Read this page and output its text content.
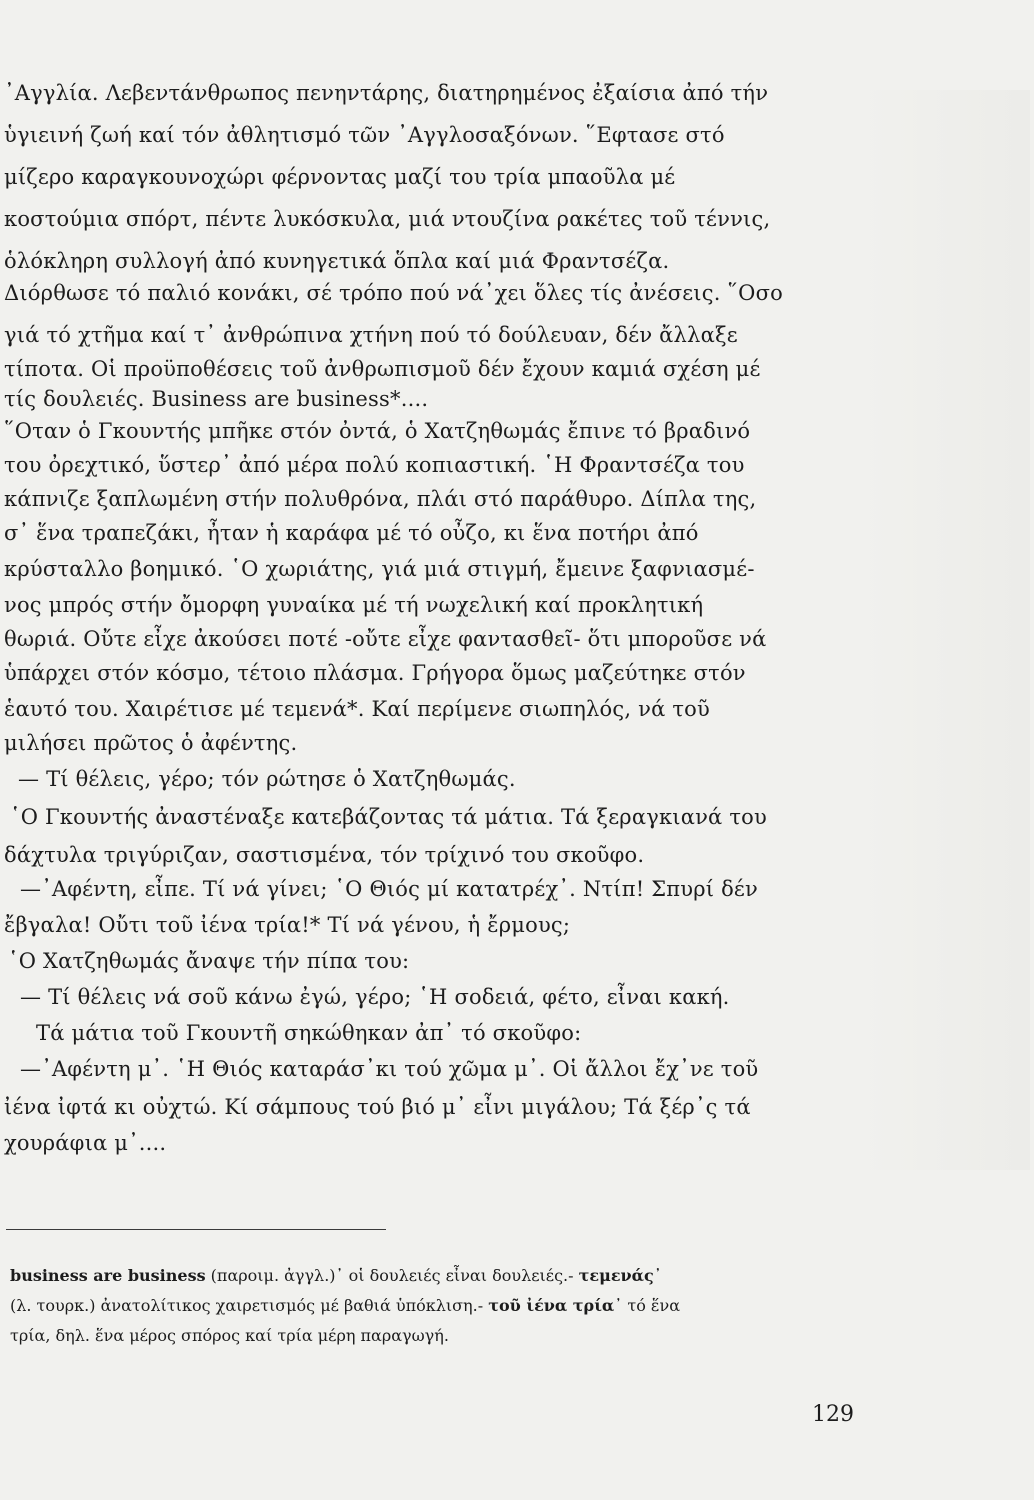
᾿Αγγλία. Λεβεντάνθρωπος πενηντάρης, διατηρημένος ἐξαίσια ἀπό τήν
ὑγιεινή ζωή καί τόν ἀθλητισμό τῶν ᾿Αγγλοσαξόνων. ῞Εφτασε στό
μίζερο καραγκουνοχώρι φέρνοντας μαζί του τρία μπαοῦλα μέ
κοστούμια σπόρτ, πέντε λυκόσκυλα, μιά ντουζίνα ρακέτες τοῦ τέννις,
ὁλόκληρη συλλογή ἀπό κυνηγετικά ὅπλα καί μιά Φραντσέζα.
Διόρθωσε τό παλιό κονάκι, σέ τρόπο πού νά᾿χει ὅλες τίς ἀνέσεις. ῞Οσο
γιά τό χτῆμα καί τ᾿ ἀνθρώπινα χτήνη πού τό δούλευαν, δέν ἄλλαξε
τίποτα. Οἱ προϋποθέσεις τοῦ ἀνθρωπισμοῦ δέν ἔχουν καμιά σχέση μέ
τίς δουλειές. Business are business*....
῞Οταν ὁ Γκουντής μπῆκε στόν ὀντά, ὁ Χατζηθωμάς ἔπινε τό βραδινό
του ὀρεχτικό, ὕστερ᾿ ἀπό μέρα πολύ κοπιαστική. ῾Η Φραντσέζα του
κάπνιζε ξαπλωμένη στήν πολυθρόνα, πλάι στό παράθυρο. Δίπλα της,
σ᾿ ἕνα τραπεζάκι, ἦταν ἡ καράφα μέ τό οὖζο, κι ἕνα ποτήρι ἀπό
κρύσταλλο βοημικό. ῾Ο χωριάτης, γιά μιά στιγμή, ἔμεινε ξαφνιασμέ-
νος μπρός στήν ὄμορφη γυναίκα μέ τή νωχελική καί προκλητική
θωριά. Οὔτε εἶχε ἀκούσει ποτέ -οὔτε εἶχε φαντασθεῖ- ὅτι μποροῦσε νά
ὑπάρχει στόν κόσμο, τέτοιο πλάσμα. Γρήγορα ὅμως μαζεύτηκε στόν
ἑαυτό του. Χαιρέτισε μέ τεμενά*. Καί περίμενε σιωπηλός, νά τοῦ
μιλήσει πρῶτος ὁ ἀφέντης.
— Τί θέλεις, γέρο; τόν ρώτησε ὁ Χατζηθωμάς.
῾Ο Γκουντής ἀναστέναξε κατεβάζοντας τά μάτια. Τά ξεραγκιανά του
δάχτυλα τριγύριζαν, σαστισμένα, τόν τρίχινό του σκοῦφο.
—᾿Αφέντη, εἶπε. Τί νά γίνει; ῾Ο Θιός μί κατατρέχ᾿. Ντίπ! Σπυρί δέν
ἔβγαλα! Οὔτι τοῦ ἰένα τρία!* Τί νά γένου, ἡ ἔρμους;
῾Ο Χατζηθωμάς ἄναψε τήν πίπα του:
— Τί θέλεις νά σοῦ κάνω ἐγώ, γέρο; ῾Η σοδειά, φέτο, εἶναι κακή.
Τά μάτια τοῦ Γκουντῆ σηκώθηκαν ἀπ᾿ τό σκοῦφο:
—᾿Αφέντη μ᾿. ῾Η Θιός καταράσ᾿κι τού χῶμα μ᾿. Οἱ ἄλλοι ἔχ᾿νε τοῦ
ἰένα ἰφτά κι οὐχτώ. Κί σάμπους τού βιό μ᾿ εἶνι μιγάλου; Τά ξέρ᾿ς τά
χουράφια μ᾿....
business are business (παροιμ. ἀγγλ.)᾿ οἱ δουλειές εἶναι δουλειές.- τεμενάς᾿
(λ. τουρκ.) ἀνατολίτικος χαιρετισμός μέ βαθιά ὑπόκλιση.- τοῦ ἰένα τρία᾿ τό ἕνα
τρία, δηλ. ἕνα μέρος σπόρος καί τρία μέρη παραγωγή.
129
